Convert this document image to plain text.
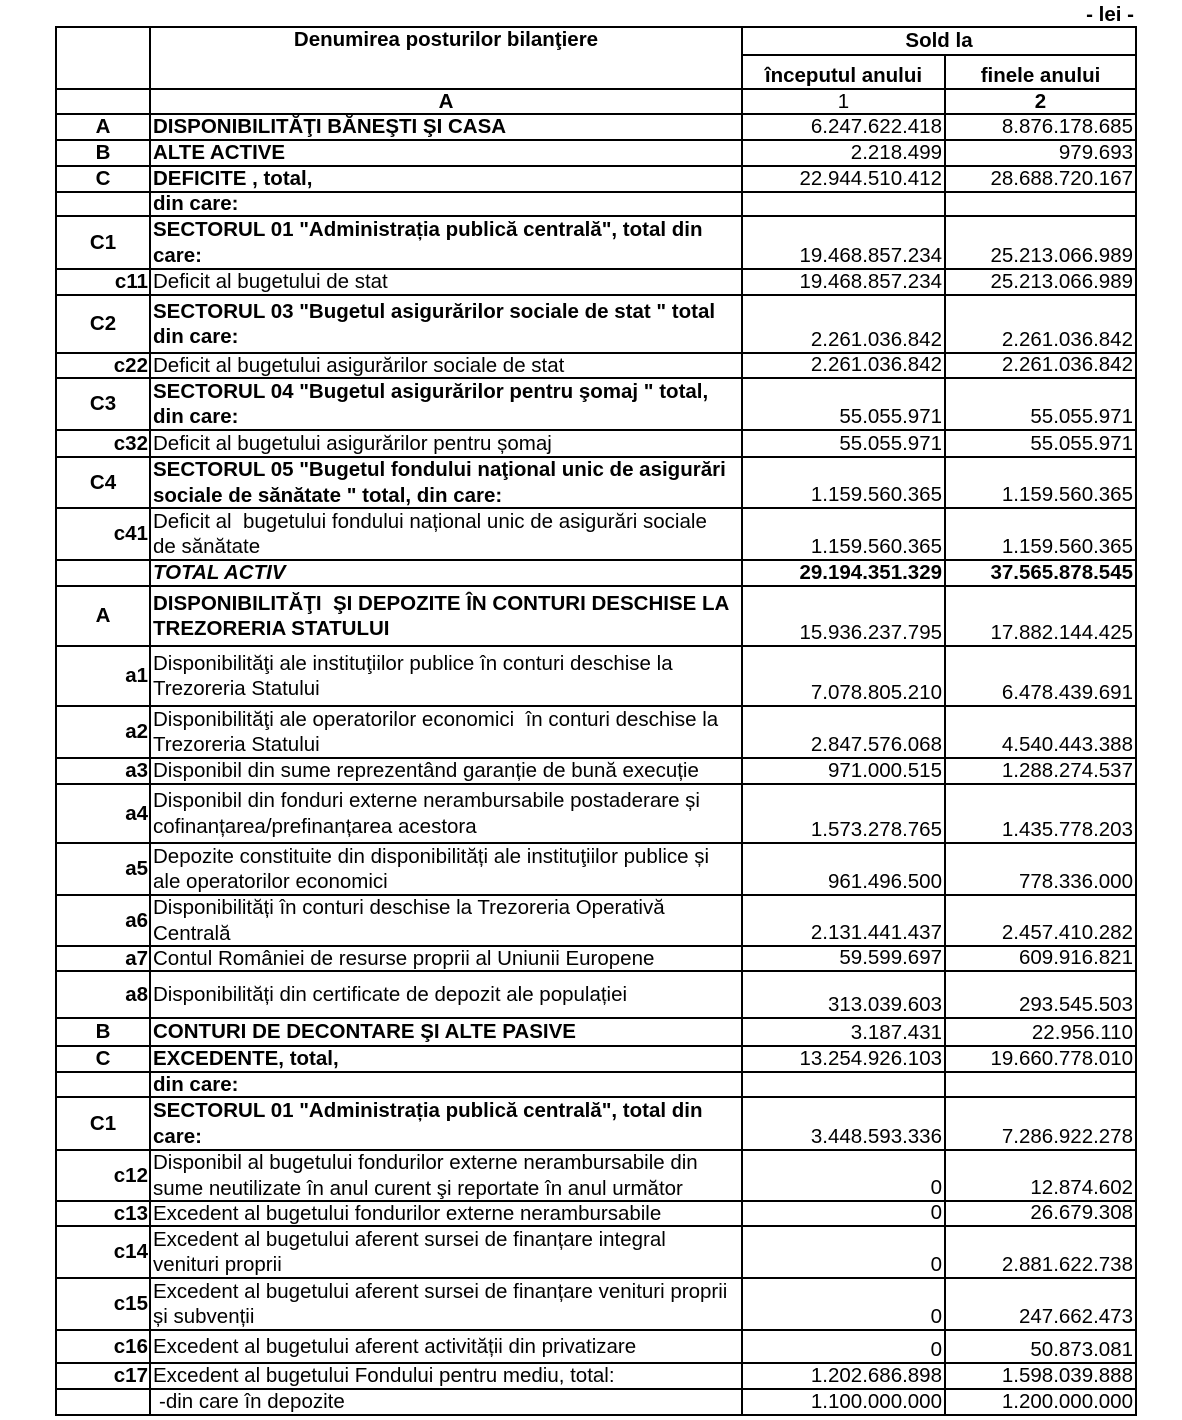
- lei -
Denumirea posturilor bilanţiere	Sold la
începutul anului	finele anului
A	1	2
A DISPONIBILITĂŢI BĂNEŞTI ŞI CASA	6.247.622.418	8.876.178.685
B ALTE ACTIVE	2.218.499	979.693
C DEFICITE , total,	22.944.510.412 28.688.720.167
din care:
C1
SECTORUL 01 "Administrația publică centrală", total din
care:	19.468.857.234 25.213.066.989
c11 Deficit al bugetului de stat	19.468.857.234 25.213.066.989
C2
SECTORUL 03 "Bugetul asigurărilor sociale de stat " total
din care:	2.261.036.842	2.261.036.842
c22 Deficit al bugetului asigurărilor sociale de stat	2.261.036.842	2.261.036.842
C3
SECTORUL 04 "Bugetul asigurărilor pentru şomaj " total,
din care:	55.055.971	55.055.971
c32 Deficit al bugetului asigurărilor pentru șomaj	55.055.971	55.055.971
C4
SECTORUL 05 "Bugetul fondului naţional unic de asigurări
sociale de sănătate " total, din care:	1.159.560.365	1.159.560.365
c41
Deficit al  bugetului fondului național unic de asigurări sociale
de sănătate	1.159.560.365	1.159.560.365
TOTAL ACTIV	29.194.351.329 37.565.878.545
A
DISPONIBILITĂŢI  ŞI DEPOZITE ÎN CONTURI DESCHISE LA
TREZORERIA STATULUI	15.936.237.795 17.882.144.425
a1
Disponibilităţi ale instituţiilor publice în conturi deschise la
Trezoreria Statului	7.078.805.210	6.478.439.691
a2
Disponibilităţi ale operatorilor economici  în conturi deschise la
Trezoreria Statului	2.847.576.068	4.540.443.388
a3 Disponibil din sume reprezentând garanție de bună execuție	971.000.515	1.288.274.537
a4
Disponibil din fonduri externe nerambursabile postaderare și
cofinanțarea/prefinanțarea acestora	1.573.278.765	1.435.778.203
a5
Depozite constituite din disponibilități ale instituţiilor publice și
ale operatorilor economici	961.496.500	778.336.000
a6
Disponibilități în conturi deschise la Trezoreria Operativă
Centrală	2.131.441.437	2.457.410.282
a7 Contul României de resurse proprii al Uniunii Europene	59.599.697	609.916.821
a8 Disponibilități din certificate de depozit ale populației	313.039.603	293.545.503
B CONTURI DE DECONTARE ŞI ALTE PASIVE	3.187.431	22.956.110
C EXCEDENTE, total,	13.254.926.103 19.660.778.010
din care:
C1
SECTORUL 01 "Administrația publică centrală", total din
care:	3.448.593.336	7.286.922.278
c12
Disponibil al bugetului fondurilor externe nerambursabile din
sume neutilizate în anul curent şi reportate în anul următor	0	12.874.602
c13 Excedent al bugetului fondurilor externe nerambursabile	0	26.679.308
c14
Excedent al bugetului aferent sursei de finanțare integral
venituri proprii	0	2.881.622.738
c15
Excedent al bugetului aferent sursei de finanțare venituri proprii
și subvenții	0	247.662.473
c16 Excedent al bugetului aferent activității din privatizare	0	50.873.081
c17 Excedent al bugetului Fondului pentru mediu, total:	1.202.686.898	1.598.039.888
-din care în depozite	1.100.000.000	1.200.000.000
